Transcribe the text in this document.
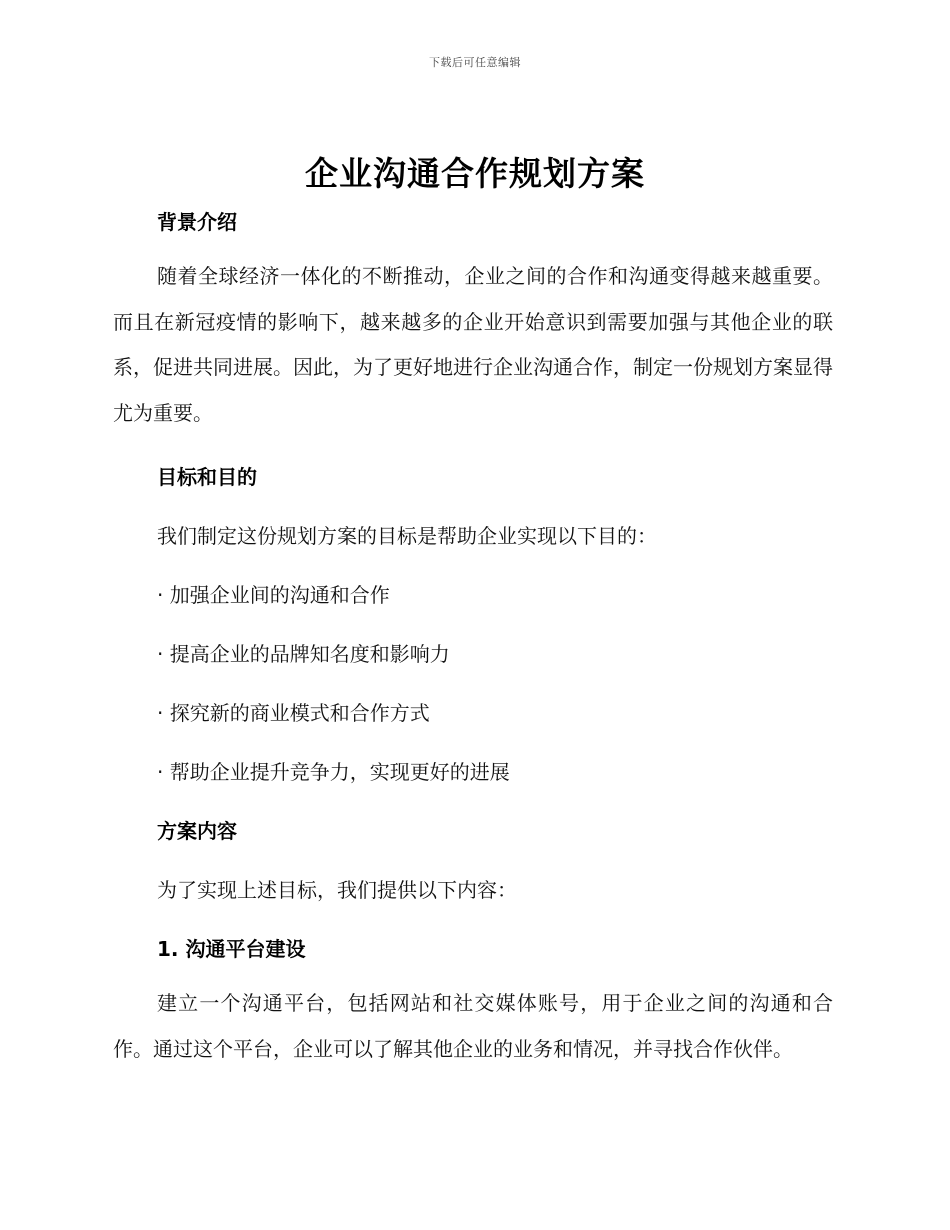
下载后可任意编辑
企业沟通合作规划方案
背景介绍

随着全球经济一体化的不断推动，企业之间的合作和沟通变得越来越重要。而且在新冠疫情的影响下，越来越多的企业开始意识到需要加强与其他企业的联系，促进共同进展。因此，为了更好地进行企业沟通合作，制定一份规划方案显得尤为重要。

目标和目的
我们制定这份规划方案的目标是帮助企业实现以下目的：
· 加强企业间的沟通和合作
· 提高企业的品牌知名度和影响力
· 探究新的商业模式和合作方式
· 帮助企业提升竞争力，实现更好的进展
方案内容
为了实现上述目标，我们提供以下内容：
1. 沟通平台建设

建立一个沟通平台，包括网站和社交媒体账号，用于企业之间的沟通和合作。通过这个平台，企业可以了解其他企业的业务和情况，并寻找合作伙伴。
